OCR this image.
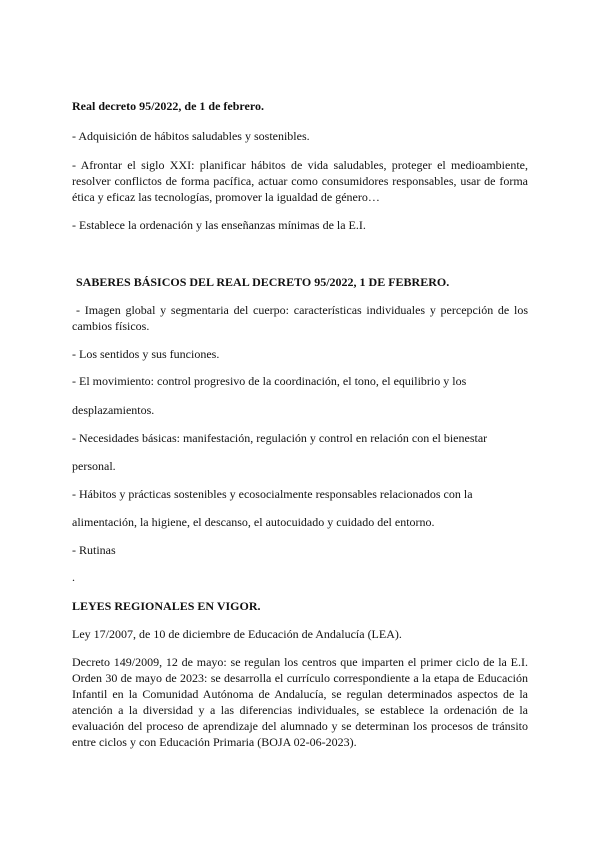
Real decreto 95/2022, de 1 de febrero.
- Adquisición de hábitos saludables y sostenibles.
- Afrontar el siglo XXI: planificar hábitos de vida saludables, proteger el medioambiente,
resolver conflictos de forma pacífica, actuar como consumidores responsables, usar de forma
ética y eficaz las tecnologías, promover la igualdad de género…
- Establece la ordenación y las enseñanzas mínimas de la E.I.
SABERES BÁSICOS DEL REAL DECRETO 95/2022, 1 DE FEBRERO.
- Imagen global y segmentaria del cuerpo: características individuales y percepción de los
cambios físicos.
- Los sentidos y sus funciones.
- El movimiento: control progresivo de la coordinación, el tono, el equilibrio y los
desplazamientos.
- Necesidades básicas: manifestación, regulación y control en relación con el bienestar
personal.
- Hábitos y prácticas sostenibles y ecosocialmente responsables relacionados con la
alimentación, la higiene, el descanso, el autocuidado y cuidado del entorno.
- Rutinas
.
LEYES REGIONALES EN VIGOR.
Ley 17/2007, de 10 de diciembre de Educación de Andalucía (LEA).
Decreto 149/2009, 12 de mayo: se regulan los centros que imparten el primer ciclo de la E.I.
Orden 30 de mayo de 2023: se desarrolla el currículo correspondiente a la etapa de Educación
Infantil en la Comunidad Autónoma de Andalucía, se regulan determinados aspectos de la
atención a la diversidad y a las diferencias individuales, se establece la ordenación de la
evaluación del proceso de aprendizaje del alumnado y se determinan los procesos de tránsito
entre ciclos y con Educación Primaria (BOJA 02-06-2023).
